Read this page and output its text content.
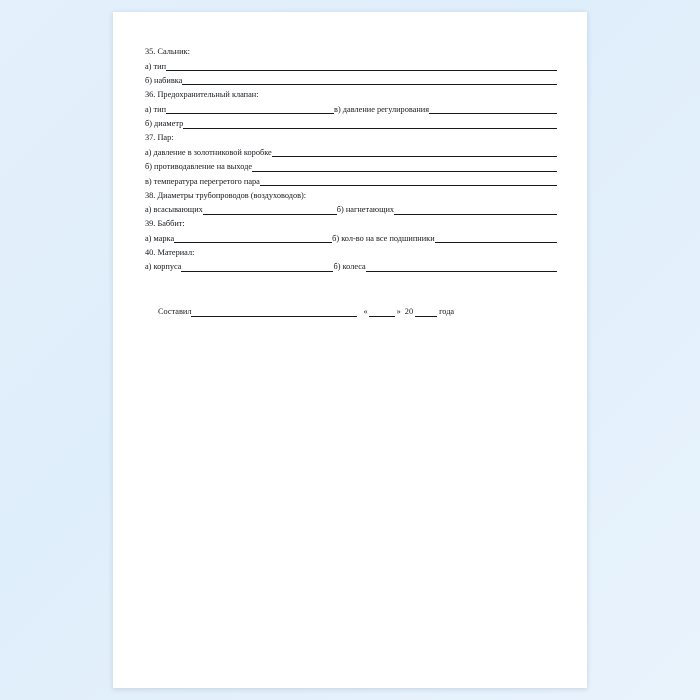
35. Сальник:
а) тип
б) набивка
36. Предохранительный клапан:
а) тип	в) давление регулирования
б) диаметр
37. Пар:
а) давление в золотниковой коробке
б) противодавление на выходе
в) температура перегретого пара
38. Диаметры трубопроводов (воздуховодов):
а) всасывающих	б) нагнетающих
39. Баббит:
а) марка	б) кол-во на все подшипники
40. Материал:
а) корпуса	б) колеса
Составил	«	» 20	года
